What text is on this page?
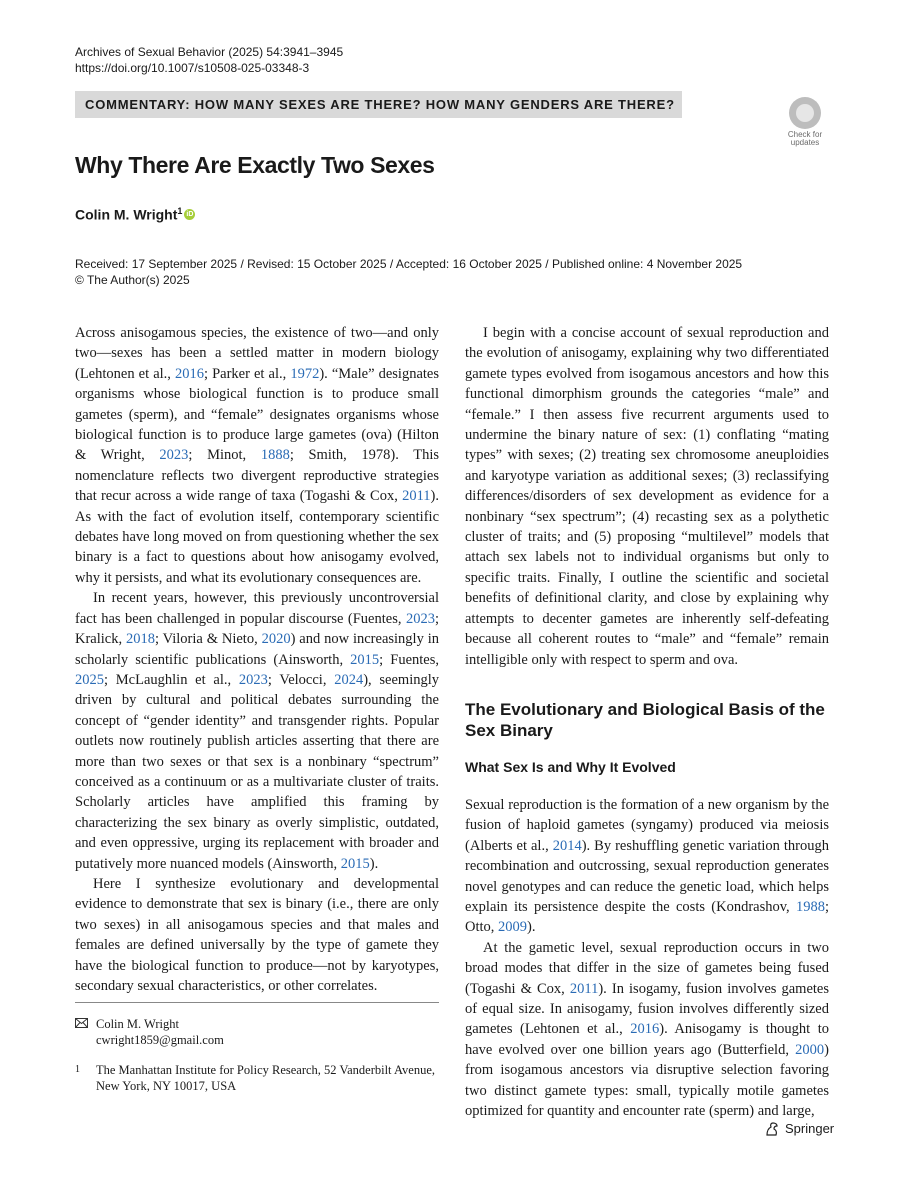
Archives of Sexual Behavior (2025) 54:3941–3945
https://doi.org/10.1007/s10508-025-03348-3
COMMENTARY: HOW MANY SEXES ARE THERE? HOW MANY GENDERS ARE THERE?
Check for
updates
Why There Are Exactly Two Sexes
Colin M. Wright$^1$ iD
Received: 17 September 2025 / Revised: 15 October 2025 / Accepted: 16 October 2025 / Published online: 4 November 2025
© The Author(s) 2025

Across anisogamous species, the existence of two—and only two—sexes has been a settled matter in modern biology (Lehtonen et al., 2016; Parker et al., 1972). “Male” designates organisms whose biological function is to produce small gametes (sperm), and “female” designates organisms whose biological function is to produce large gametes (ova) (Hilton & Wright, 2023; Minot, 1888; Smith, 1978). This nomenclature reflects two divergent reproductive strategies that recur across a wide range of taxa (Togashi & Cox, 2011). As with the fact of evolution itself, contemporary scientific debates have long moved on from questioning whether the sex binary is a fact to questions about how anisogamy evolved, why it persists, and what its evolutionary consequences are.

In recent years, however, this previously uncontroversial fact has been challenged in popular discourse (Fuentes, 2023; Kralick, 2018; Viloria & Nieto, 2020) and now increasingly in scholarly scientific publications (Ainsworth, 2015; Fuentes, 2025; McLaughlin et al., 2023; Velocci, 2024), seemingly driven by cultural and political debates surrounding the concept of “gender identity” and transgender rights. Popular outlets now routinely publish articles asserting that there are more than two sexes or that sex is a nonbinary “spectrum” conceived as a continuum or as a multivariate cluster of traits. Scholarly articles have amplified this framing by characterizing the sex binary as overly simplistic, outdated, and even oppressive, urging its replacement with broader and putatively more nuanced models (Ainsworth, 2015).

Here I synthesize evolutionary and developmental evidence to demonstrate that sex is binary (i.e., there are only two sexes) in all anisogamous species and that males and females are defined universally by the type of gamete they have the biological function to produce—not by karyotypes, secondary sexual characteristics, or other correlates.

I begin with a concise account of sexual reproduction and the evolution of anisogamy, explaining why two differentiated gamete types evolved from isogamous ancestors and how this functional dimorphism grounds the categories “male” and “female.” I then assess five recurrent arguments used to undermine the binary nature of sex: (1) conflating “mating types” with sexes; (2) treating sex chromosome aneuploidies and karyotype variation as additional sexes; (3) reclassifying differences/disorders of sex development as evidence for a nonbinary “sex spectrum”; (4) recasting sex as a polythetic cluster of traits; and (5) proposing “multilevel” models that attach sex labels not to individual organisms but only to specific traits. Finally, I outline the scientific and societal benefits of definitional clarity, and close by explaining why attempts to decenter gametes are inherently self-defeating because all coherent routes to “male” and “female” remain intelligible only with respect to sperm and ova.

The Evolutionary and Biological Basis of the Sex Binary
What Sex Is and Why It Evolved

Sexual reproduction is the formation of a new organism by the fusion of haploid gametes (syngamy) produced via meiosis (Alberts et al., 2014). By reshuffling genetic variation through recombination and outcrossing, sexual reproduction generates novel genotypes and can reduce the genetic load, which helps explain its persistence despite the costs (Kondrashov, 1988; Otto, 2009).

At the gametic level, sexual reproduction occurs in two broad modes that differ in the size of gametes being fused (Togashi & Cox, 2011). In isogamy, fusion involves gametes of equal size. In anisogamy, fusion involves differently sized gametes (Lehtonen et al., 2016). Anisogamy is thought to have evolved over one billion years ago (Butterfield, 2000) from isogamous ancestors via disruptive selection favoring two distinct gamete types: small, typically motile gametes optimized for quantity and encounter rate (sperm) and large,

Colin M. Wright
cwright1859@gmail.com
1	The Manhattan Institute for Policy Research, 52 Vanderbilt Avenue, New York, NY 10017, USA
Springer
